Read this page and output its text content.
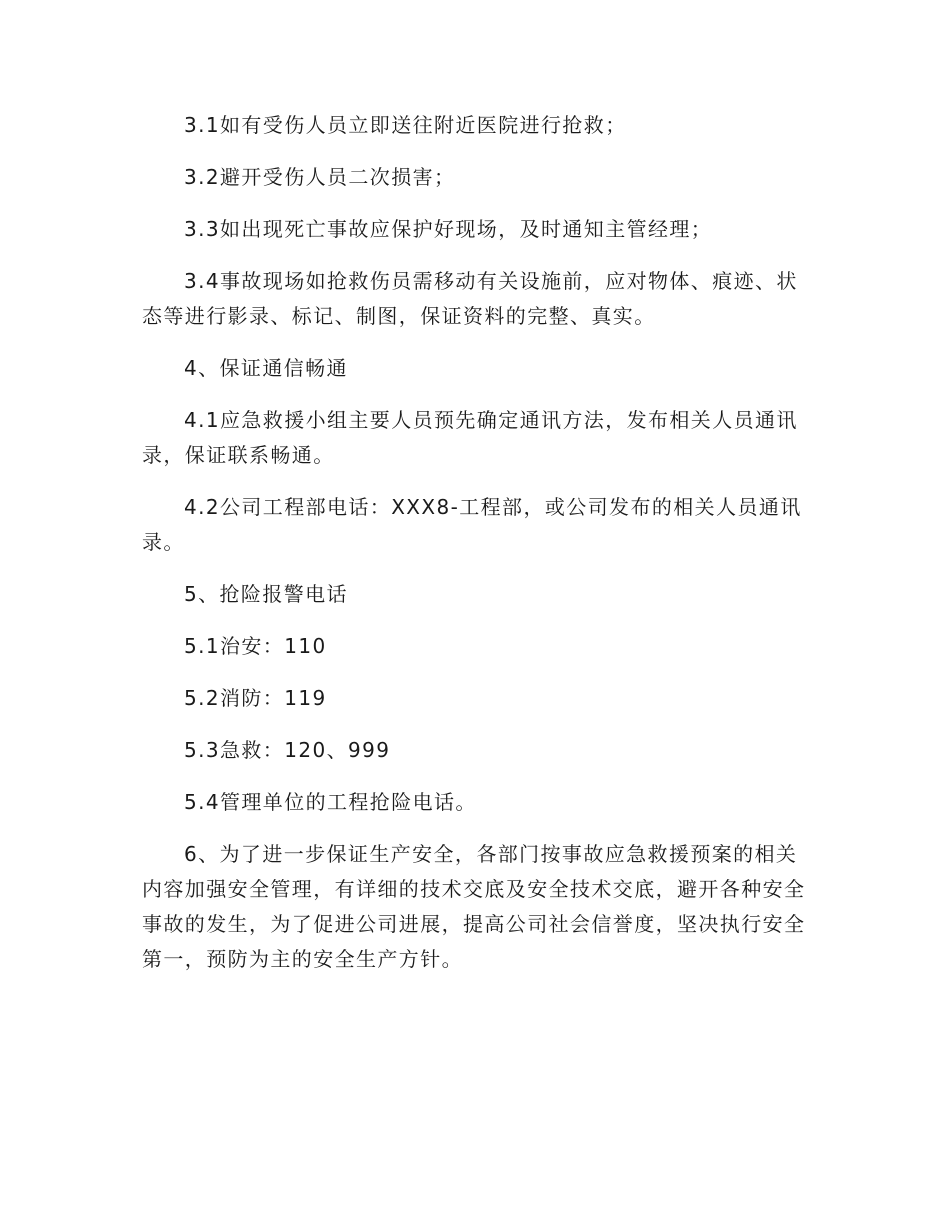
3.1如有受伤人员立即送往附近医院进行抢救；

3.2避开受伤人员二次损害；

3.3如出现死亡事故应保护好现场，及时通知主管经理；

3.4事故现场如抢救伤员需移动有关设施前，应对物体、痕迹、状态等进行影录、标记、制图，保证资料的完整、真实。

4、保证通信畅通

4.1应急救援小组主要人员预先确定通讯方法，发布相关人员通讯录，保证联系畅通。

4.2公司工程部电话：XXX8-工程部，或公司发布的相关人员通讯录。

5、抢险报警电话

5.1治安：110

5.2消防：119

5.3急救：120、999

5.4管理单位的工程抢险电话。

6、为了进一步保证生产安全，各部门按事故应急救援预案的相关内容加强安全管理，有详细的技术交底及安全技术交底，避开各种安全事故的发生，为了促进公司进展，提高公司社会信誉度，坚决执行安全第一，预防为主的安全生产方针。
